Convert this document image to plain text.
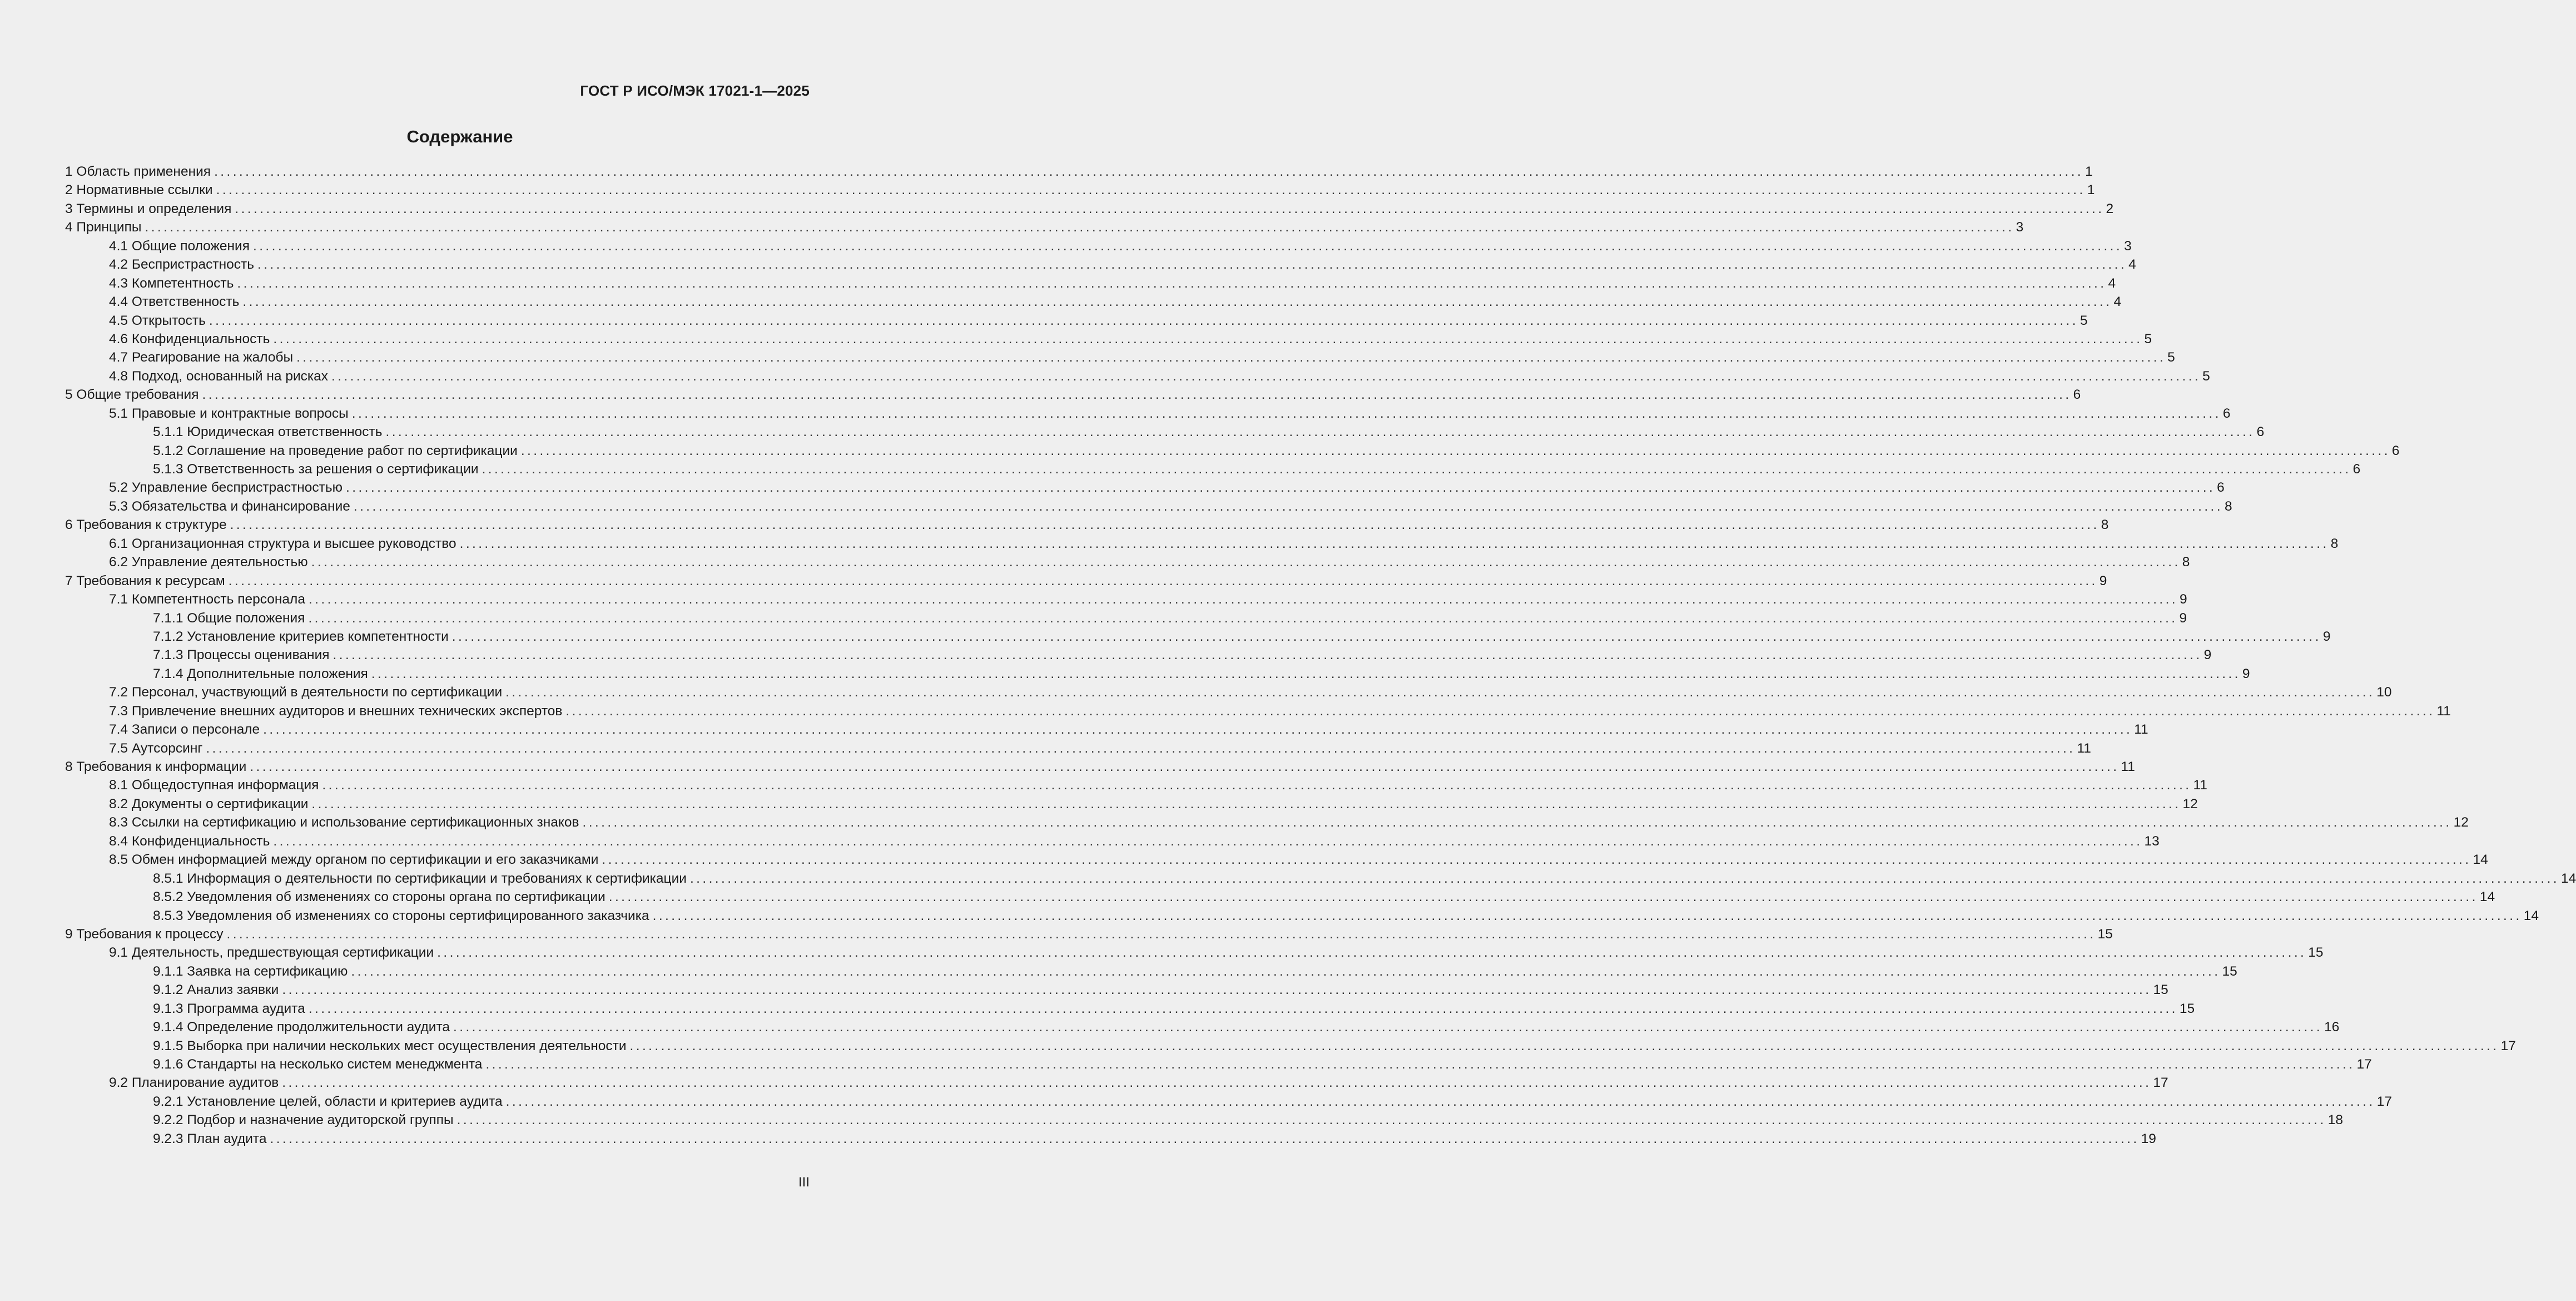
ГОСТ Р ИСО/МЭК 17021-1—2025
Содержание
1 Область применения ............................................................................................................................................................................................................................................................................................................ 1
2 Нормативные ссылки ............................................................................................................................................................................................................................................................................................................ 1
3 Термины и определения ............................................................................................................................................................................................................................................................................................................ 2
4 Принципы ............................................................................................................................................................................................................................................................................................................ 3
4.1 Общие положения ............................................................................................................................................................................................................................................................................................................ 3
4.2 Беспристрастность ............................................................................................................................................................................................................................................................................................................ 4
4.3 Компетентность ............................................................................................................................................................................................................................................................................................................ 4
4.4 Ответственность ............................................................................................................................................................................................................................................................................................................ 4
4.5 Открытость ............................................................................................................................................................................................................................................................................................................ 5
4.6 Конфиденциальность ............................................................................................................................................................................................................................................................................................................ 5
4.7 Реагирование на жалобы ............................................................................................................................................................................................................................................................................................................ 5
4.8 Подход, основанный на рисках ............................................................................................................................................................................................................................................................................................................ 5
5 Общие требования ............................................................................................................................................................................................................................................................................................................ 6
5.1 Правовые и контрактные вопросы ............................................................................................................................................................................................................................................................................................................ 6
5.1.1 Юридическая ответственность ............................................................................................................................................................................................................................................................................................................ 6
5.1.2 Соглашение на проведение работ по сертификации ............................................................................................................................................................................................................................................................................................................ 6
5.1.3 Ответственность за решения о сертификации ............................................................................................................................................................................................................................................................................................................ 6
5.2 Управление беспристрастностью ............................................................................................................................................................................................................................................................................................................ 6
5.3 Обязательства и финансирование ............................................................................................................................................................................................................................................................................................................ 8
6 Требования к структуре ............................................................................................................................................................................................................................................................................................................ 8
6.1 Организационная структура и высшее руководство ............................................................................................................................................................................................................................................................................................................ 8
6.2 Управление деятельностью ............................................................................................................................................................................................................................................................................................................ 8
7 Требования к ресурсам ............................................................................................................................................................................................................................................................................................................ 9
7.1 Компетентность персонала ............................................................................................................................................................................................................................................................................................................ 9
7.1.1 Общие положения ............................................................................................................................................................................................................................................................................................................ 9
7.1.2 Установление критериев компетентности ............................................................................................................................................................................................................................................................................................................ 9
7.1.3 Процессы оценивания ............................................................................................................................................................................................................................................................................................................ 9
7.1.4 Дополнительные положения ............................................................................................................................................................................................................................................................................................................ 9
7.2 Персонал, участвующий в деятельности по сертификации ............................................................................................................................................................................................................................................................................................................ 10
7.3 Привлечение внешних аудиторов и внешних технических экспертов ............................................................................................................................................................................................................................................................................................................ 11
7.4 Записи о персонале ............................................................................................................................................................................................................................................................................................................ 11
7.5 Аутсорсинг ............................................................................................................................................................................................................................................................................................................ 11
8 Требования к информации ............................................................................................................................................................................................................................................................................................................ 11
8.1 Общедоступная информация ............................................................................................................................................................................................................................................................................................................ 11
8.2 Документы о сертификации ............................................................................................................................................................................................................................................................................................................ 12
8.3 Ссылки на сертификацию и использование сертификационных знаков ............................................................................................................................................................................................................................................................................................................ 12
8.4 Конфиденциальность ............................................................................................................................................................................................................................................................................................................ 13
8.5 Обмен информацией между органом по сертификации и его заказчиками ............................................................................................................................................................................................................................................................................................................ 14
8.5.1 Информация о деятельности по сертификации и требованиях к сертификации ............................................................................................................................................................................................................................................................................................................ 14
8.5.2 Уведомления об изменениях со стороны органа по сертификации ............................................................................................................................................................................................................................................................................................................ 14
8.5.3 Уведомления об изменениях со стороны сертифицированного заказчика ............................................................................................................................................................................................................................................................................................................ 14
9 Требования к процессу ............................................................................................................................................................................................................................................................................................................ 15
9.1 Деятельность, предшествующая сертификации ............................................................................................................................................................................................................................................................................................................ 15
9.1.1 Заявка на сертификацию ............................................................................................................................................................................................................................................................................................................ 15
9.1.2 Анализ заявки ............................................................................................................................................................................................................................................................................................................ 15
9.1.3 Программа аудита ............................................................................................................................................................................................................................................................................................................ 15
9.1.4 Определение продолжительности аудита ............................................................................................................................................................................................................................................................................................................ 16
9.1.5 Выборка при наличии нескольких мест осуществления деятельности ............................................................................................................................................................................................................................................................................................................ 17
9.1.6 Стандарты на несколько систем менеджмента ............................................................................................................................................................................................................................................................................................................ 17
9.2 Планирование аудитов ............................................................................................................................................................................................................................................................................................................ 17
9.2.1 Установление целей, области и критериев аудита ............................................................................................................................................................................................................................................................................................................ 17
9.2.2 Подбор и назначение аудиторской группы ............................................................................................................................................................................................................................................................................................................ 18
9.2.3 План аудита ............................................................................................................................................................................................................................................................................................................ 19
III
